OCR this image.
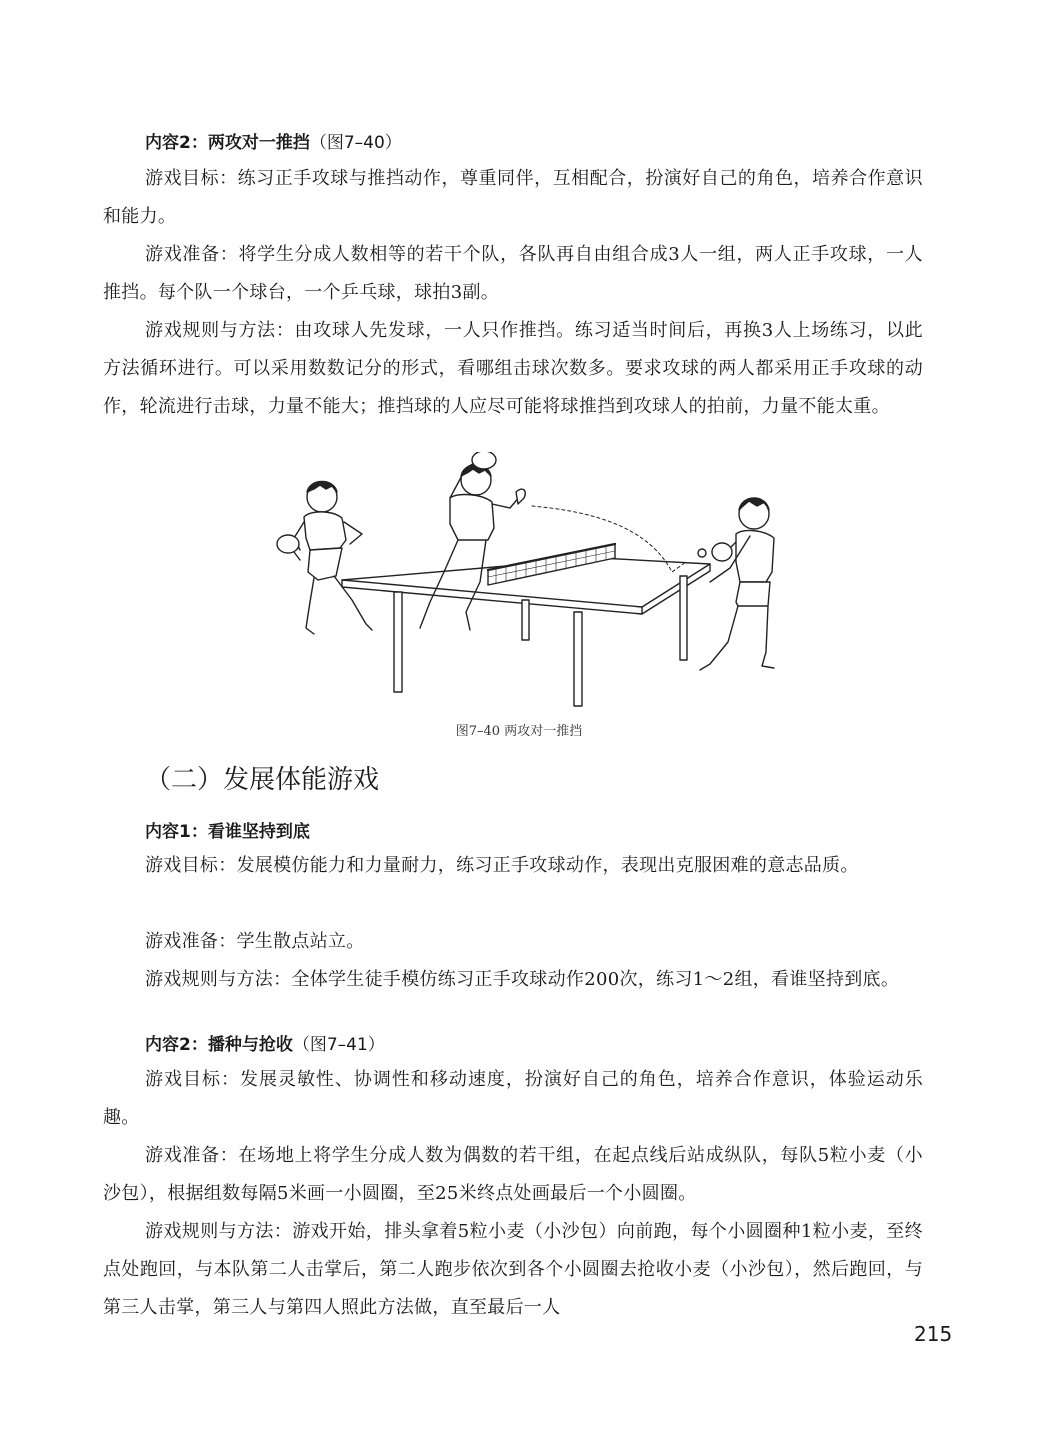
内容2：两攻对一推挡（图7–40）

游戏目标：练习正手攻球与推挡动作，尊重同伴，互相配合，扮演好自己的角色，培养合作意识和能力。

游戏准备：将学生分成人数相等的若干个队，各队再自由组合成3人一组，两人正手攻球，一人推挡。每个队一个球台，一个乒乓球，球拍3副。

游戏规则与方法：由攻球人先发球，一人只作推挡。练习适当时间后，再换3人上场练习，以此方法循环进行。可以采用数数记分的形式，看哪组击球次数多。要求攻球的两人都采用正手攻球的动作，轮流进行击球，力量不能大；推挡球的人应尽可能将球推挡到攻球人的拍前，力量不能太重。

图7–40 两攻对一推挡
（二）发展体能游戏

内容1：看谁坚持到底

游戏目标：发展模仿能力和力量耐力，练习正手攻球动作，表现出克服困难的意志品质。

游戏准备：学生散点站立。

游戏规则与方法：全体学生徒手模仿练习正手攻球动作200次，练习1～2组，看谁坚持到底。

内容2：播种与抢收（图7–41）

游戏目标：发展灵敏性、协调性和移动速度，扮演好自己的角色，培养合作意识，体验运动乐趣。

游戏准备：在场地上将学生分成人数为偶数的若干组，在起点线后站成纵队，每队5粒小麦（小沙包），根据组数每隔5米画一小圆圈，至25米终点处画最后一个小圆圈。

游戏规则与方法：游戏开始，排头拿着5粒小麦（小沙包）向前跑，每个小圆圈种1粒小麦，至终点处跑回，与本队第二人击掌后，第二人跑步依次到各个小圆圈去抢收小麦（小沙包），然后跑回，与第三人击掌，第三人与第四人照此方法做，直至最后一人

215
